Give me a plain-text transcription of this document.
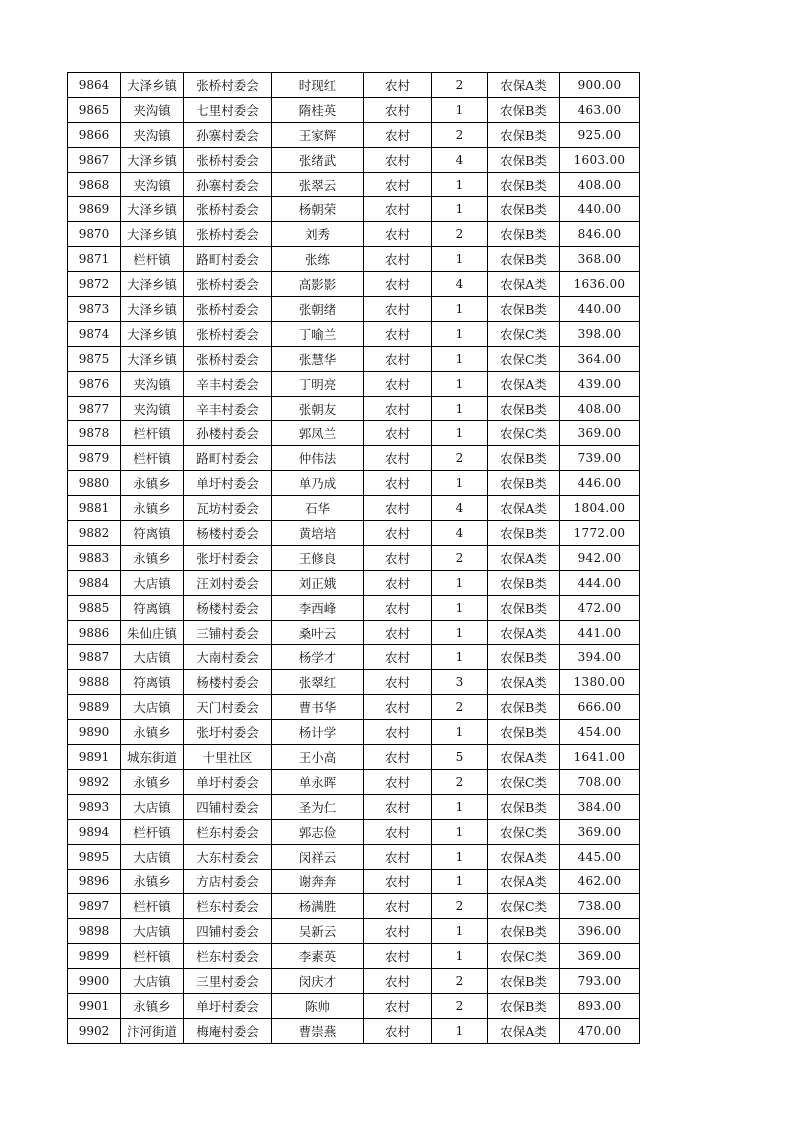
9864	大泽乡镇	张桥村委会	时现红	农村	2	农保A类	900.00
9865	夹沟镇	七里村委会	隋桂英	农村	1	农保B类	463.00
9866	夹沟镇	孙寨村委会	王家辉	农村	2	农保B类	925.00
9867	大泽乡镇	张桥村委会	张绪武	农村	4	农保B类	1603.00
9868	夹沟镇	孙寨村委会	张翠云	农村	1	农保B类	408.00
9869	大泽乡镇	张桥村委会	杨朝荣	农村	1	农保B类	440.00
9870	大泽乡镇	张桥村委会	刘秀	农村	2	农保B类	846.00
9871	栏杆镇	路町村委会	张练	农村	1	农保B类	368.00
9872	大泽乡镇	张桥村委会	高影影	农村	4	农保A类	1636.00
9873	大泽乡镇	张桥村委会	张朝绪	农村	1	农保B类	440.00
9874	大泽乡镇	张桥村委会	丁喻兰	农村	1	农保C类	398.00
9875	大泽乡镇	张桥村委会	张慧华	农村	1	农保C类	364.00
9876	夹沟镇	辛丰村委会	丁明亮	农村	1	农保A类	439.00
9877	夹沟镇	辛丰村委会	张朝友	农村	1	农保B类	408.00
9878	栏杆镇	孙楼村委会	郭凤兰	农村	1	农保C类	369.00
9879	栏杆镇	路町村委会	仲伟法	农村	2	农保B类	739.00
9880	永镇乡	单圩村委会	单乃成	农村	1	农保B类	446.00
9881	永镇乡	瓦坊村委会	石华	农村	4	农保A类	1804.00
9882	符离镇	杨楼村委会	黄培培	农村	4	农保B类	1772.00
9883	永镇乡	张圩村委会	王修良	农村	2	农保A类	942.00
9884	大店镇	汪刘村委会	刘正娥	农村	1	农保B类	444.00
9885	符离镇	杨楼村委会	李西峰	农村	1	农保B类	472.00
9886	朱仙庄镇	三铺村委会	桑叶云	农村	1	农保A类	441.00
9887	大店镇	大南村委会	杨学才	农村	1	农保B类	394.00
9888	符离镇	杨楼村委会	张翠红	农村	3	农保A类	1380.00
9889	大店镇	天门村委会	曹书华	农村	2	农保B类	666.00
9890	永镇乡	张圩村委会	杨计学	农村	1	农保B类	454.00
9891	城东街道	十里社区	王小高	农村	5	农保A类	1641.00
9892	永镇乡	单圩村委会	单永晖	农村	2	农保C类	708.00
9893	大店镇	四铺村委会	圣为仁	农村	1	农保B类	384.00
9894	栏杆镇	栏东村委会	郭志俭	农村	1	农保C类	369.00
9895	大店镇	大东村委会	闵祥云	农村	1	农保A类	445.00
9896	永镇乡	方店村委会	谢奔奔	农村	1	农保A类	462.00
9897	栏杆镇	栏东村委会	杨满胜	农村	2	农保C类	738.00
9898	大店镇	四铺村委会	吴新云	农村	1	农保B类	396.00
9899	栏杆镇	栏东村委会	李素英	农村	1	农保C类	369.00
9900	大店镇	三里村委会	闵庆才	农村	2	农保B类	793.00
9901	永镇乡	单圩村委会	陈帅	农村	2	农保B类	893.00
9902	汴河街道	梅庵村委会	曹崇燕	农村	1	农保A类	470.00
